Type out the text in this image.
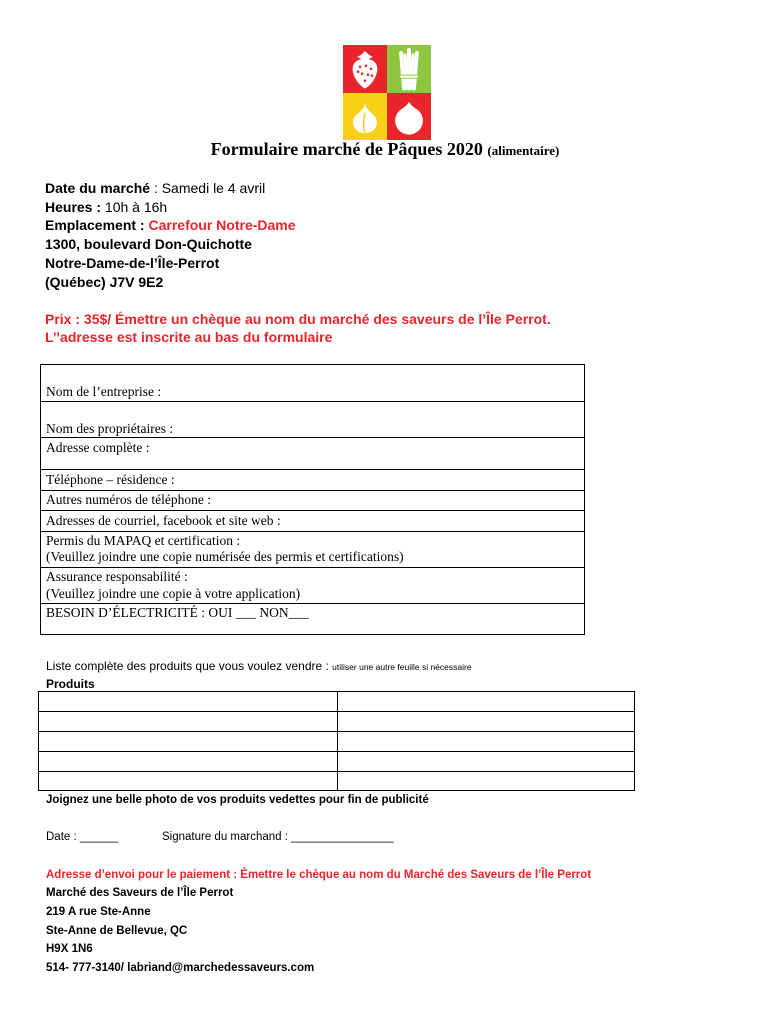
Formulaire marché de Pâques 2020 (alimentaire)
Date du marché : Samedi le 4 avril
Heures : 10h à 16h
Emplacement : Carrefour Notre-Dame
1300, boulevard Don-Quichotte
Notre-Dame-de-l’Île-Perrot
(Québec) J7V 9E2
Prix : 35$/ Émettre un chèque au nom du marché des saveurs de l’Île Perrot.
L’’adresse est inscrite au bas du formulaire
Nom de l’entreprise :
Nom des propriétaires :
Adresse complète :
Téléphone – résidence :
Autres numéros de téléphone :
Adresses de courriel, facebook et site web :
Permis du MAPAQ et certification :
(Veuillez joindre une copie numérisée des permis et certifications)
Assurance responsabilité :
(Veuillez joindre une copie à votre application)
BESOIN D’ÉLECTRICITÉ : OUI ___ NON___
Liste complète des produits que vous voulez vendre : utiliser une autre feuille si nécessaire
Produits
Joignez une belle photo de vos produits vedettes pour fin de publicité
Date : ______	Signature du marchand : ________________
Adresse d’envoi pour le paiement : Émettre le chèque au nom du Marché des Saveurs de l’Île Perrot
Marché des Saveurs de l’Île Perrot
219 A rue Ste-Anne
Ste-Anne de Bellevue, QC
H9X 1N6
514- 777-3140/ labriand@marchedessaveurs.com
